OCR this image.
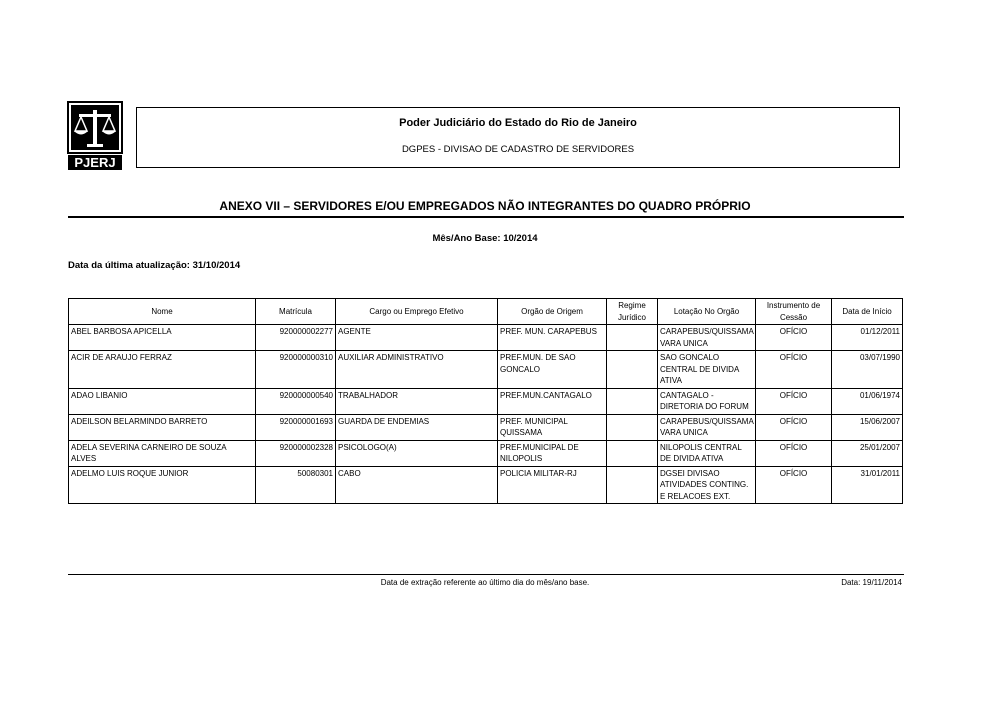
PJERJ
Poder Judiciário do Estado do Rio de Janeiro
DGPES - DIVISAO DE CADASTRO DE SERVIDORES
ANEXO VII – SERVIDORES E/OU EMPREGADOS NÃO INTEGRANTES DO QUADRO PRÓPRIO
Mês/Ano Base: 10/2014
Data da última atualização: 31/10/2014
Nome	Matrícula	Cargo ou Emprego Efetivo	Orgão de Origem	Regime Jurídico	Lotação No Orgão	Instrumento de Cessão	Data de Início
ABEL BARBOSA APICELLA	920000002277	AGENTE	PREF. MUN. CARAPEBUS		CARAPEBUS/QUISSAMA VARA UNICA	OFÍCIO	01/12/2011
ACIR DE ARAUJO FERRAZ	920000000310	AUXILIAR ADMINISTRATIVO	PREF.MUN. DE SAO GONCALO		SAO GONCALO CENTRAL DE DIVIDA ATIVA	OFÍCIO	03/07/1990
ADAO LIBANIO	920000000540	TRABALHADOR	PREF.MUN.CANTAGALO		CANTAGALO - DIRETORIA DO FORUM	OFÍCIO	01/06/1974
ADEILSON BELARMINDO BARRETO	920000001693	GUARDA DE ENDEMIAS	PREF. MUNICIPAL QUISSAMA		CARAPEBUS/QUISSAMA VARA UNICA	OFÍCIO	15/06/2007
ADELA SEVERINA CARNEIRO DE SOUZA ALVES	920000002328	PSICOLOGO(A)	PREF.MUNICIPAL DE NILOPOLIS		NILOPOLIS CENTRAL DE DIVIDA ATIVA	OFÍCIO	25/01/2007
ADELMO LUIS ROQUE JUNIOR	50080301	CABO	POLICIA MILITAR-RJ		DGSEI DIVISAO ATIVIDADES CONTING. E RELACOES EXT.	OFÍCIO	31/01/2011
Data de extração referente ao último dia do mês/ano base.	Data: 19/11/2014
